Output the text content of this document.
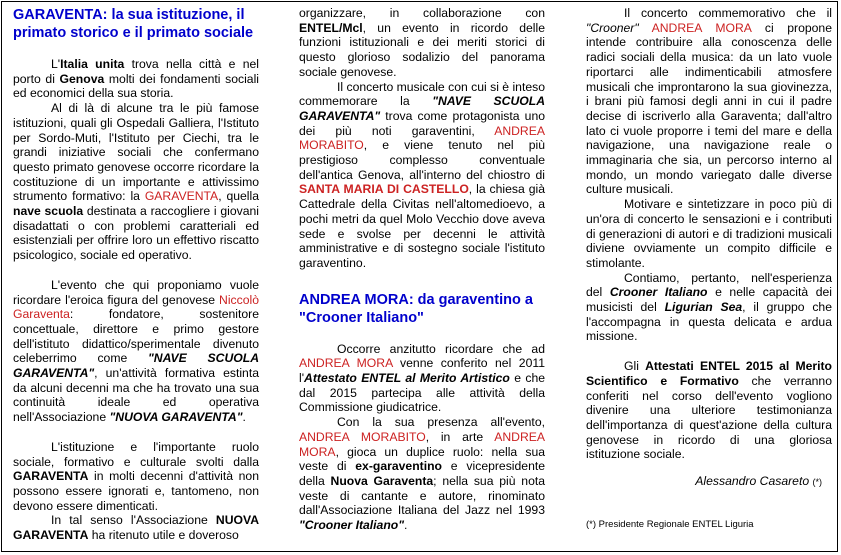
GARAVENTA: la sua istituzione, il primato storico e il primato sociale

L'Italia unita trova nella città e nel porto di Genova molti dei fondamenti sociali ed economici della sua storia.

Al di là di alcune tra le più famose istituzioni, quali gli Ospedali Galliera, l'Istituto per Sordo-Muti, l'Istituto per Ciechi, tra le grandi iniziative sociali che confermano questo primato genovese occorre ricordare la costituzione di un importante e attivissimo strumento formativo: la GARAVENTA, quella nave scuola destinata a raccogliere i giovani disadattati o con problemi caratteriali ed esistenziali per offrire loro un effettivo riscatto psicologico, sociale ed operativo.

L'evento che qui proponiamo vuole ricordare l'eroica figura del genovese Niccolò Garaventa: fondatore, sostenitore concettuale, direttore e primo gestore dell'istituto didattico/sperimentale divenuto celeberrimo come "NAVE SCUOLA GARAVENTA", un'attività formativa estinta da alcuni decenni ma che ha trovato una sua continuità ideale ed operativa nell'Associazione "NUOVA GARAVENTA".

L'istituzione e l'importante ruolo sociale, formativo e culturale svolti dalla GARAVENTA in molti decenni d'attività non possono essere ignorati e, tantomeno, non devono essere dimenticati.

In tal senso l'Associazione NUOVA GARAVENTA ha ritenuto utile e doveroso

organizzare, in collaborazione con ENTEL/Mcl, un evento in ricordo delle funzioni istituzionali e dei meriti storici di questo glorioso sodalizio del panorama sociale genovese.

Il concerto musicale con cui si è inteso commemorare la "NAVE SCUOLA GARAVENTA" trova come protagonista uno dei più noti garaventini, ANDREA MORABITO, e viene tenuto nel più prestigioso complesso conventuale dell'antica Genova, all'interno del chiostro di SANTA MARIA DI CASTELLO, la chiesa già Cattedrale della Civitas nell'altomedioevo, a pochi metri da quel Molo Vecchio dove aveva sede e svolse per decenni le attività amministrative e di sostegno sociale l'istituto garaventino.

ANDREA MORA: da garaventino a "Crooner Italiano"

Occorre anzitutto ricordare che ad ANDREA MORA venne conferito nel 2011 l'Attestato ENTEL al Merito Artistico e che dal 2015 partecipa alle attività della Commissione giudicatrice.

Con la sua presenza all'evento, ANDREA MORABITO, in arte ANDREA MORA, gioca un duplice ruolo: nella sua veste di ex-garaventino e vicepresidente della Nuova Garaventa; nella sua più nota veste di cantante e autore, rinominato dall'Associazione Italiana del Jazz nel 1993 "Crooner Italiano".

Il concerto commemorativo che il "Crooner" ANDREA MORA ci propone intende contribuire alla conoscenza delle radici sociali della musica: da un lato vuole riportarci alle indimenticabili atmosfere musicali che improntarono la sua giovinezza, i brani più famosi degli anni in cui il padre decise di iscriverlo alla Garaventa; dall'altro lato ci vuole proporre i temi del mare e della navigazione, una navigazione reale o immaginaria che sia, un percorso interno al mondo, un mondo variegato dalle diverse culture musicali.

Motivare e sintetizzare in poco più di un'ora di concerto le sensazioni e i contributi di generazioni di autori e di tradizioni musicali diviene ovviamente un compito difficile e stimolante.

Contiamo, pertanto, nell'esperienza del Crooner Italiano e nelle capacità dei musicisti del Ligurian Sea, il gruppo che l'accompagna in questa delicata e ardua missione.

Gli Attestati ENTEL 2015 al Merito Scientifico e Formativo che verranno conferiti nel corso dell'evento vogliono divenire una ulteriore testimonianza dell'importanza di quest'azione della cultura genovese in ricordo di una gloriosa istituzione sociale.

Alessandro Casareto (*)

(*) Presidente Regionale ENTEL Liguria
